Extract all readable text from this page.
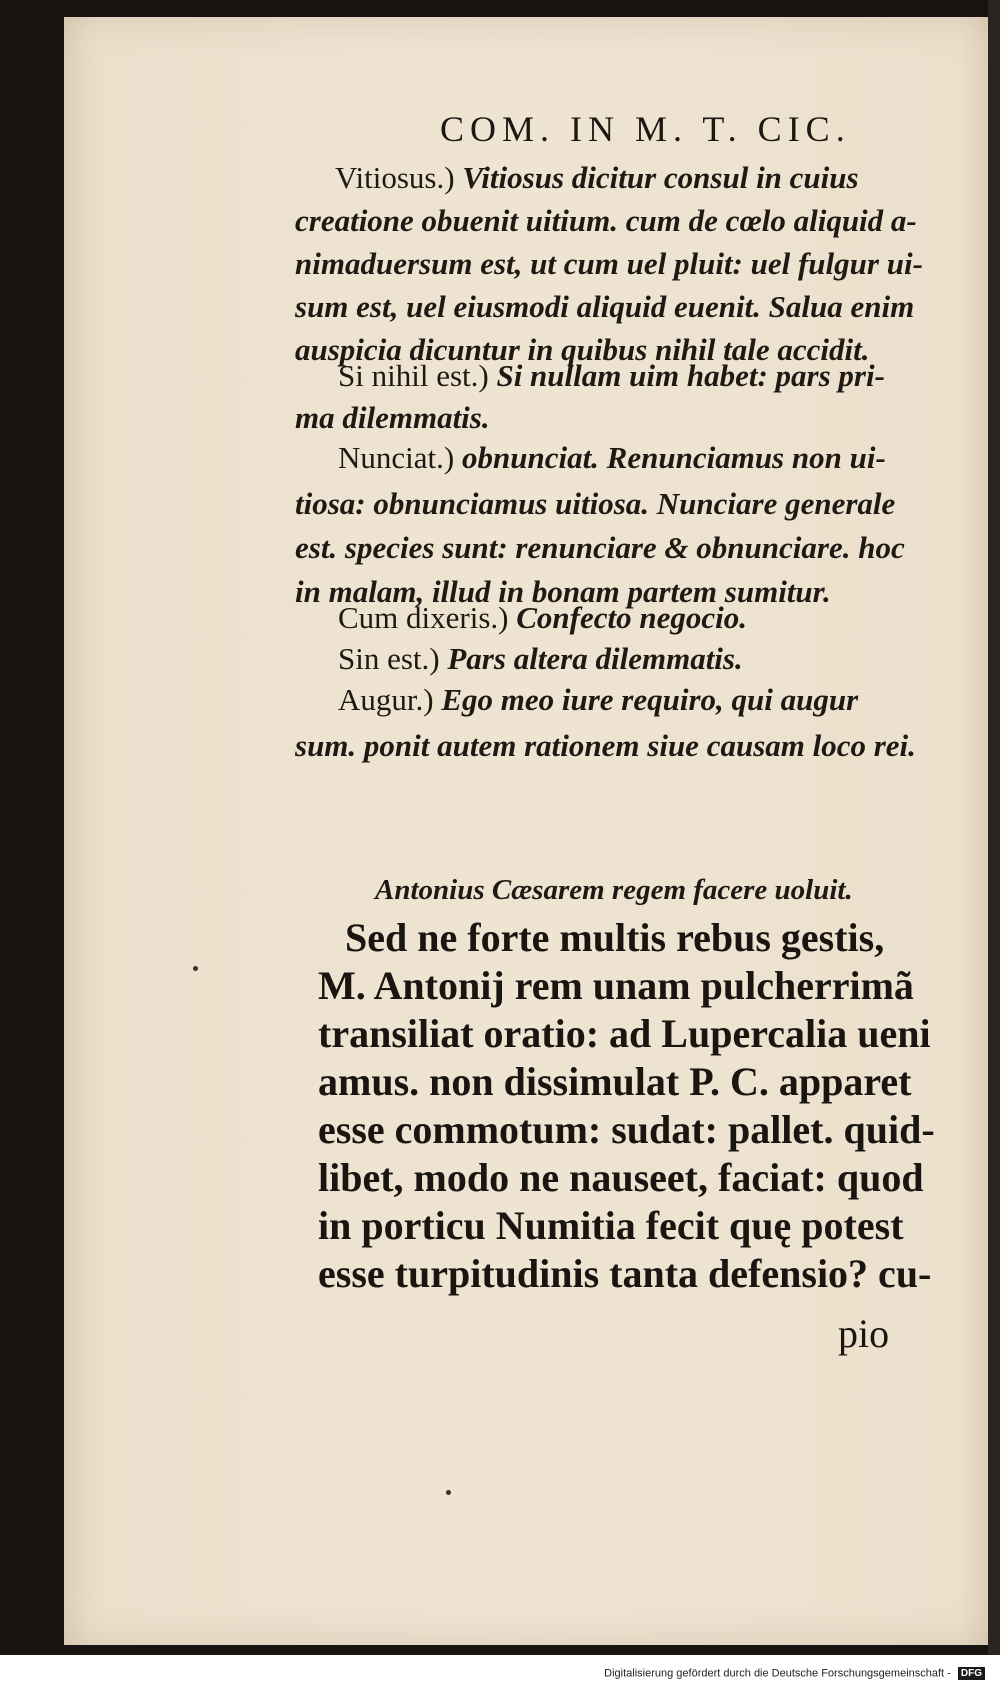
COM. IN M. T. CIC.
Vitiosus.) Vitiosus dicitur consul in cuius
creatione obuenit uitium. cum de cœlo aliquid a-
nimaduersum est, ut cum uel pluit: uel fulgur ui-
sum est, uel eiusmodi aliquid euenit. Salua enim
auspicia dicuntur in quibus nihil tale accidit.
Si nihil est.) Si nullam uim habet: pars pri-
ma dilemmatis.
Nunciat.) obnunciat. Renunciamus non ui-
tiosa: obnunciamus uitiosa. Nunciare generale
est. species sunt: renunciare & obnunciare. hoc
in malam, illud in bonam partem sumitur.
Cum dixeris.) Confecto negocio.
Sin est.) Pars altera dilemmatis.
Augur.) Ego meo iure requiro, qui augur
sum. ponit autem rationem siue causam loco rei.
Antonius Cæsarem regem facere uoluit.
Sed ne forte multis rebus gestis,
M. Antonij rem unam pulcherrimã
transiliat oratio: ad Lupercalia ueni
amus. non dissimulat P. C. apparet
esse commotum: sudat: pallet. quid-
libet, modo ne nauseet, faciat: quod
in porticu Numitia fecit quę potest
esse turpitudinis tanta defensio? cu-
pio
Digitalisierung gefördert durch die Deutsche Forschungsgemeinschaft - DFG
